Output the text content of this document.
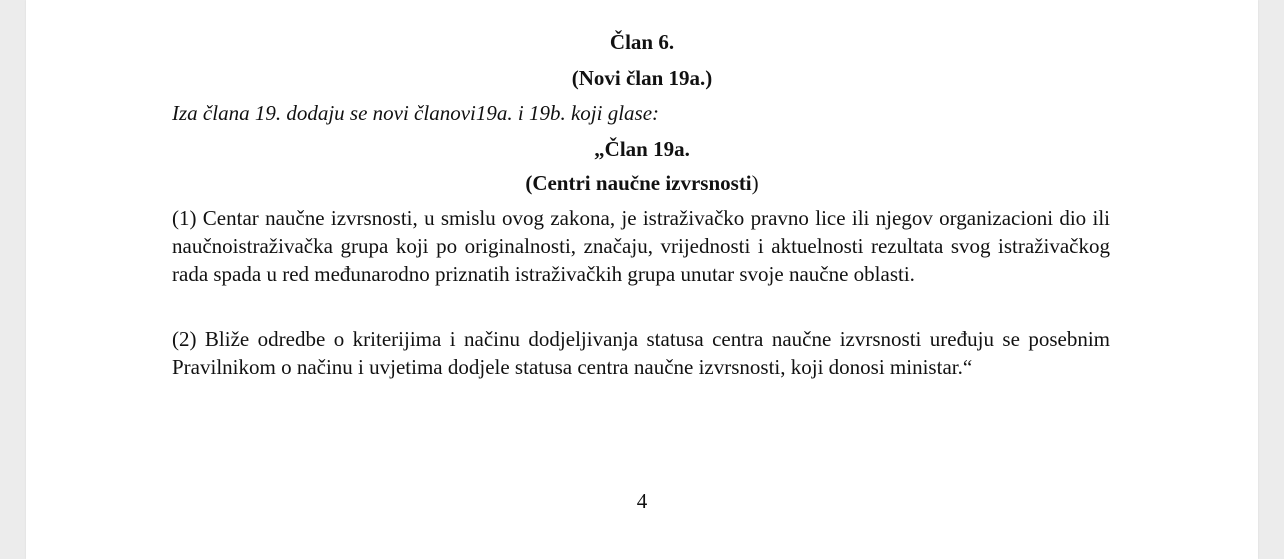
Član 6.

(Novi član 19a.)

Iza člana 19. dodaju se novi članovi19a. i 19b. koji glase:

„Član 19a.

(Centri naučne izvrsnosti)

(1) Centar naučne izvrsnosti, u smislu ovog zakona, je istraživačko pravno lice ili njegov organizacioni dio ili naučnoistraživačka grupa koji po originalnosti, značaju, vrijednosti i aktuelnosti rezultata svog istraživačkog rada spada u red međunarodno priznatih istraživačkih grupa unutar svoje naučne oblasti.

(2) Bliže odredbe o kriterijima i načinu dodjeljivanja statusa centra naučne izvrsnosti uređuju se posebnim Pravilnikom o načinu i uvjetima dodjele statusa centra naučne izvrsnosti, koji donosi ministar.“

4
